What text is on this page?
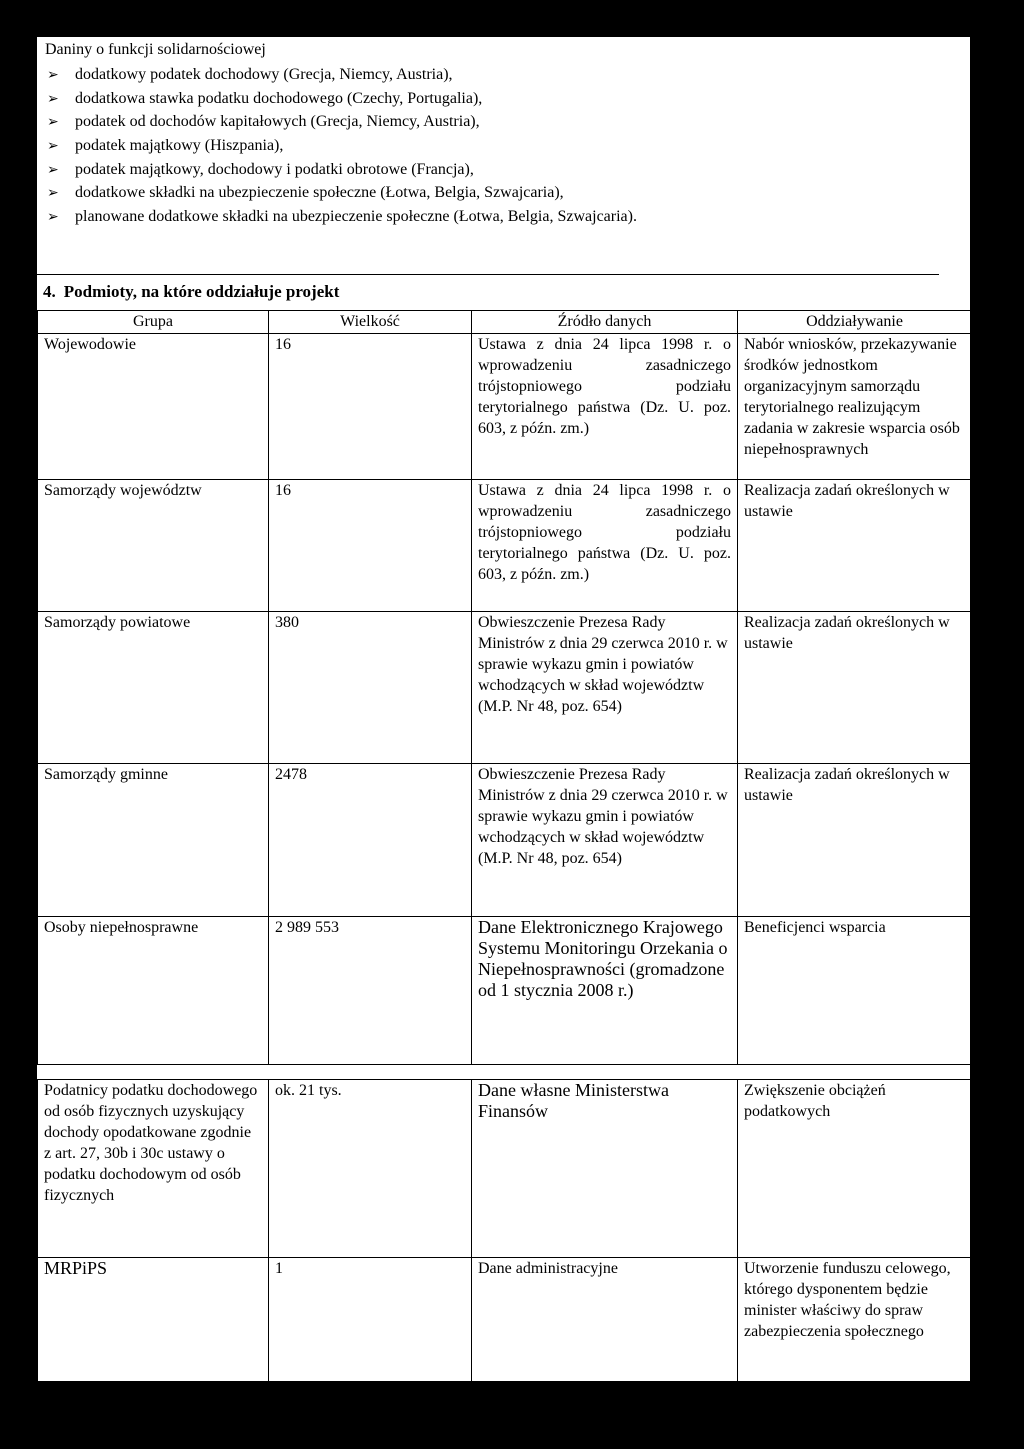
Daniny o funkcji solidarnościowej
➢ dodatkowy podatek dochodowy (Grecja, Niemcy, Austria),
➢ dodatkowa stawka podatku dochodowego (Czechy, Portugalia),
➢ podatek od dochodów kapitałowych (Grecja, Niemcy, Austria),
➢ podatek majątkowy (Hiszpania),
➢ podatek majątkowy, dochodowy i podatki obrotowe (Francja),
➢ dodatkowe składki na ubezpieczenie społeczne (Łotwa, Belgia, Szwajcaria),
➢ planowane dodatkowe składki na ubezpieczenie społeczne (Łotwa, Belgia, Szwajcaria).
4. Podmioty, na które oddziałuje projekt
Grupa	Wielkość	Źródło danych	Oddziaływanie
Wojewodowie	16	Ustawa z dnia 24 lipca 1998 r. o wprowadzeniu zasadniczego trójstopniowego podziału terytorialnego państwa (Dz. U. poz. 603, z późn. zm.)	Nabór wniosków, przekazywanie środków jednostkom organizacyjnym samorządu terytorialnego realizującym zadania w zakresie wsparcia osób niepełnosprawnych
Samorządy województw	16	Ustawa z dnia 24 lipca 1998 r. o wprowadzeniu zasadniczego trójstopniowego podziału terytorialnego państwa (Dz. U. poz. 603, z późn. zm.)	Realizacja zadań określonych w ustawie
Samorządy powiatowe	380	Obwieszczenie Prezesa Rady Ministrów z dnia 29 czerwca 2010 r. w sprawie wykazu gmin i powiatów wchodzących w skład województw (M.P. Nr 48, poz. 654)	Realizacja zadań określonych w ustawie
Samorządy gminne	2478	Obwieszczenie Prezesa Rady Ministrów z dnia 29 czerwca 2010 r. w sprawie wykazu gmin i powiatów wchodzących w skład województw (M.P. Nr 48, poz. 654)	Realizacja zadań określonych w ustawie
Osoby niepełnosprawne	2 989 553	Dane Elektronicznego Krajowego Systemu Monitoringu Orzekania o Niepełnosprawności (gromadzone od 1 stycznia 2008 r.)	Beneficjenci wsparcia

Podatnicy podatku dochodowego od osób fizycznych uzyskujący dochody opodatkowane zgodnie z art. 27, 30b i 30c ustawy o podatku dochodowym od osób fizycznych	ok. 21 tys.	Dane własne Ministerstwa Finansów	Zwiększenie obciążeń podatkowych
MRPiPS	1	Dane administracyjne	Utworzenie funduszu celowego, którego dysponentem będzie minister właściwy do spraw zabezpieczenia społecznego
